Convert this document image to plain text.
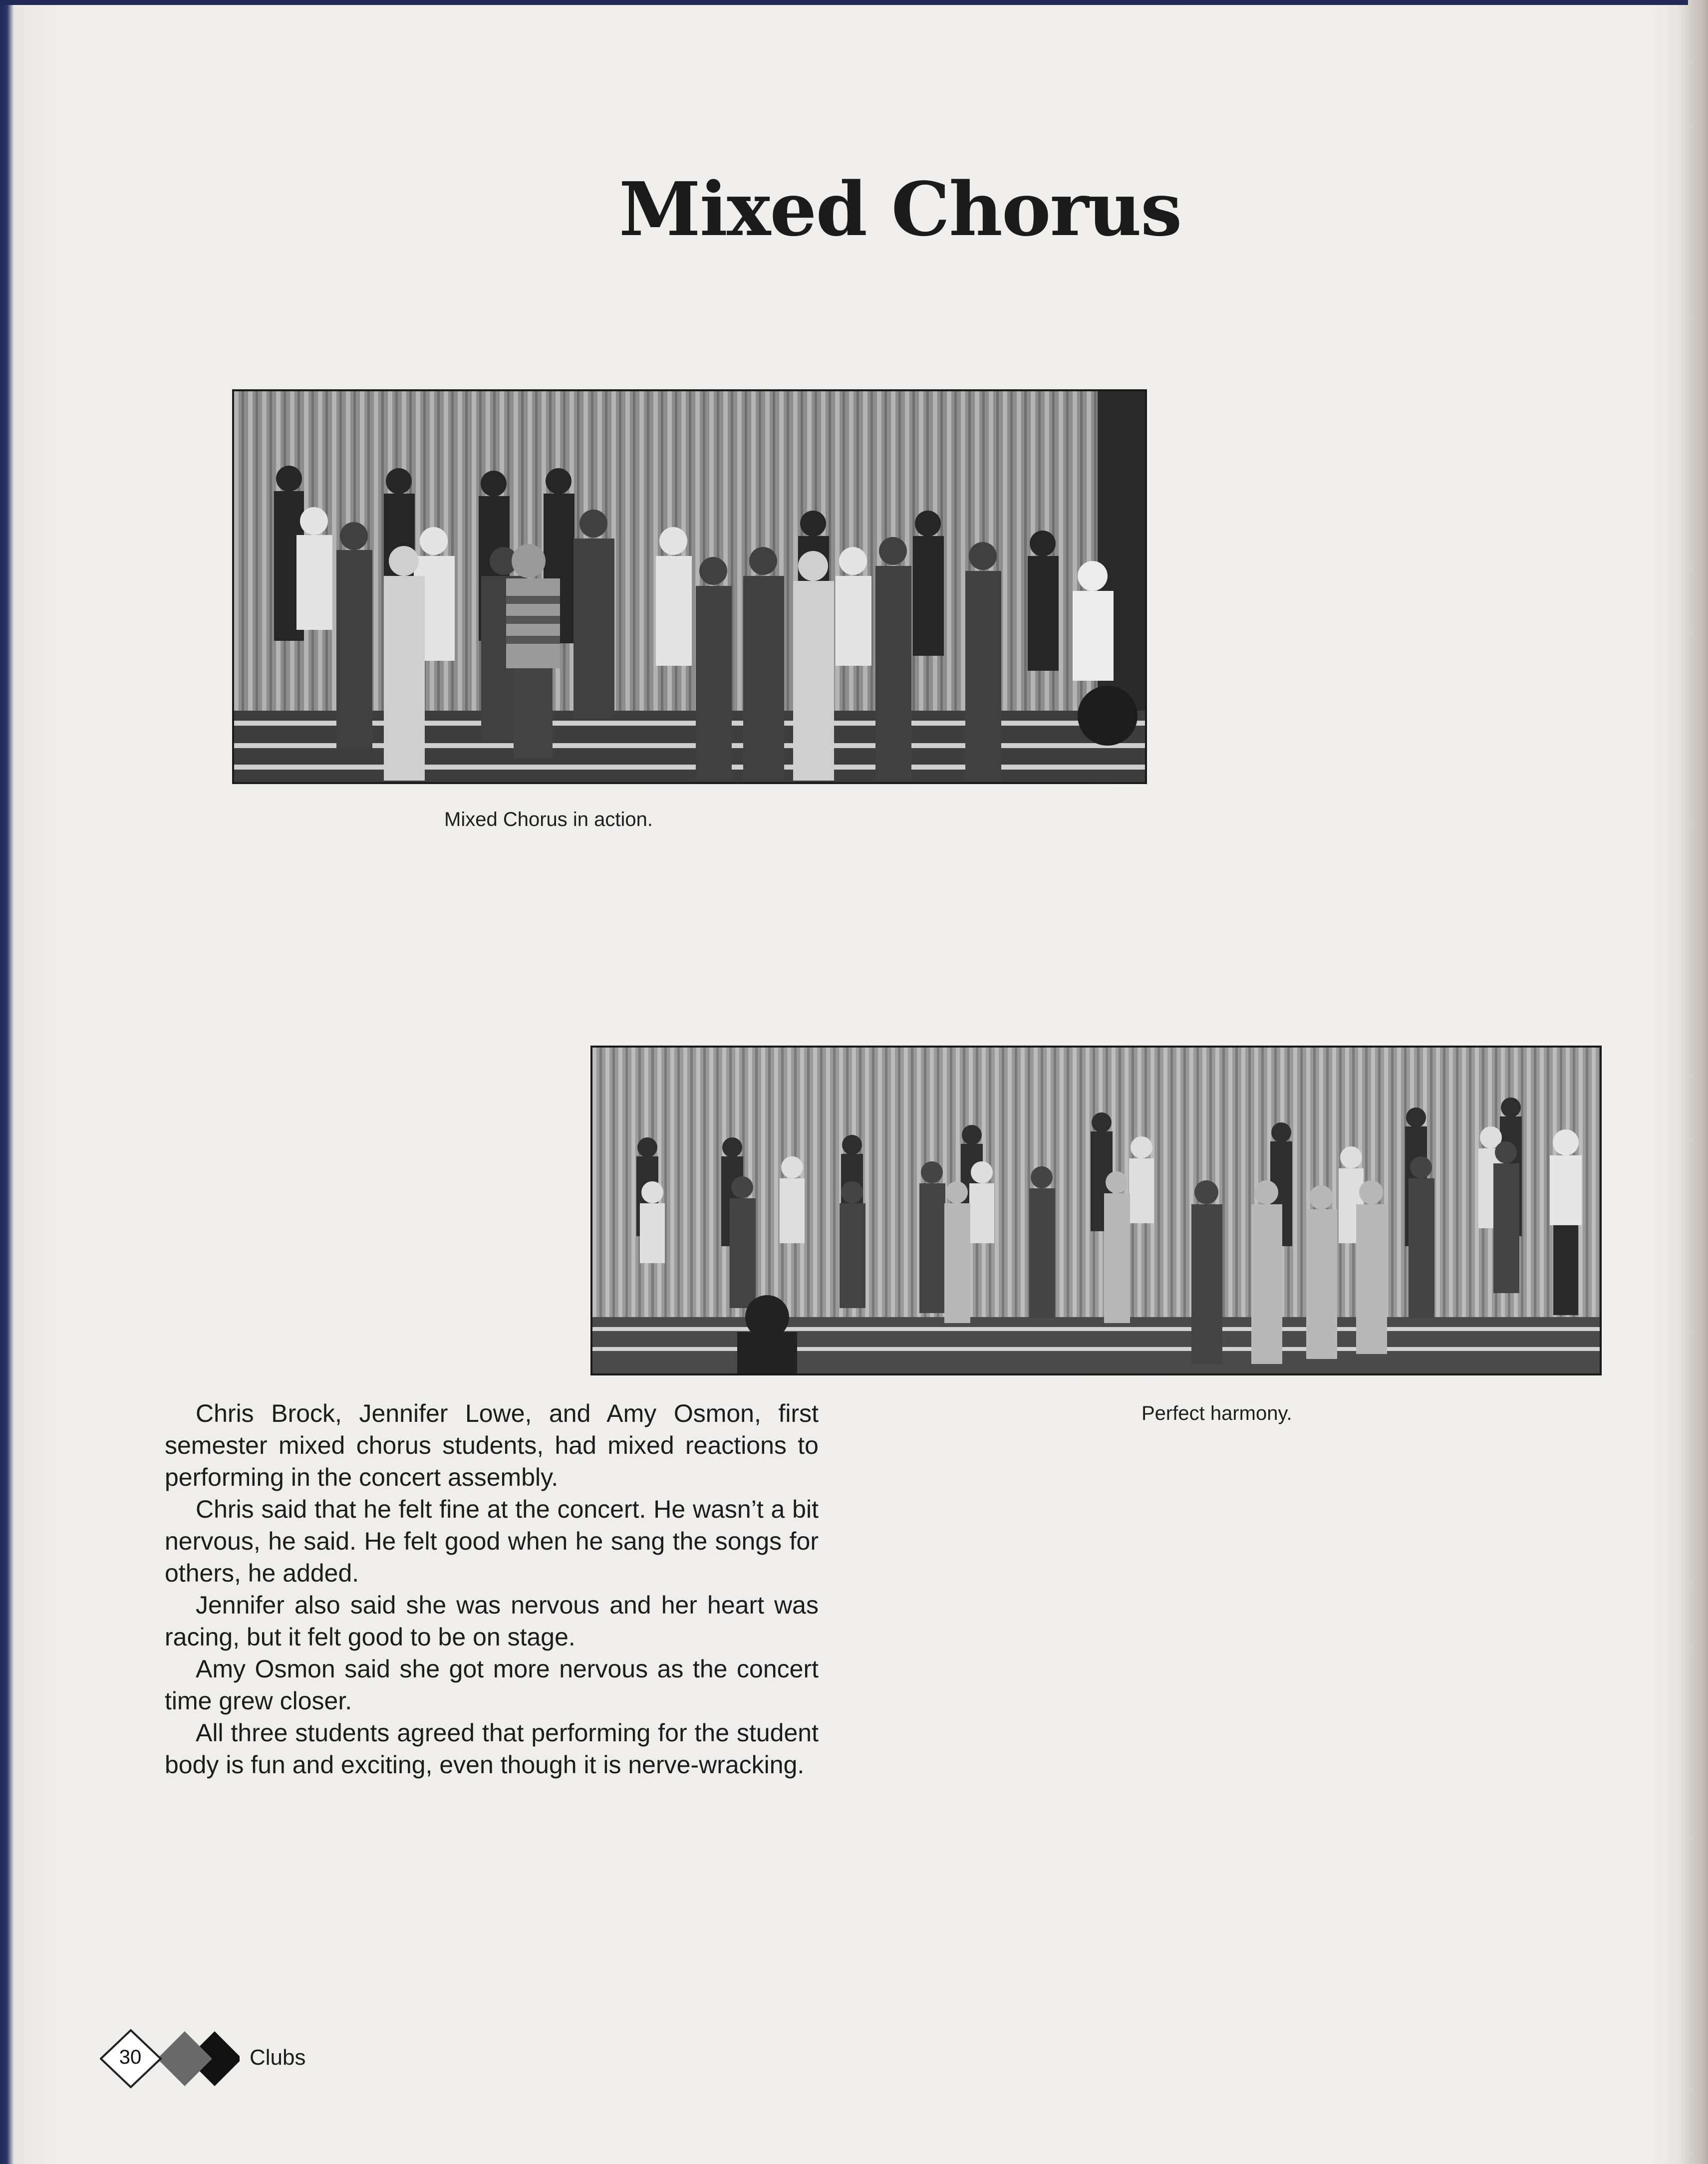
Mixed Chorus
Mixed Chorus in action.
Perfect harmony.

Chris Brock, Jennifer Lowe, and Amy Osmon, first semester mixed chorus students, had mixed reactions to performing in the concert assembly.

Chris said that he felt fine at the concert. He wasn’t a bit nervous, he said. He felt good when he sang the songs for others, he added.

Jennifer also said she was nervous and her heart was racing, but it felt good to be on stage.

Amy Osmon said she got more nervous as the concert time grew closer.

All three students agreed that performing for the student body is fun and exciting, even though it is nerve-wracking.

30	Clubs
